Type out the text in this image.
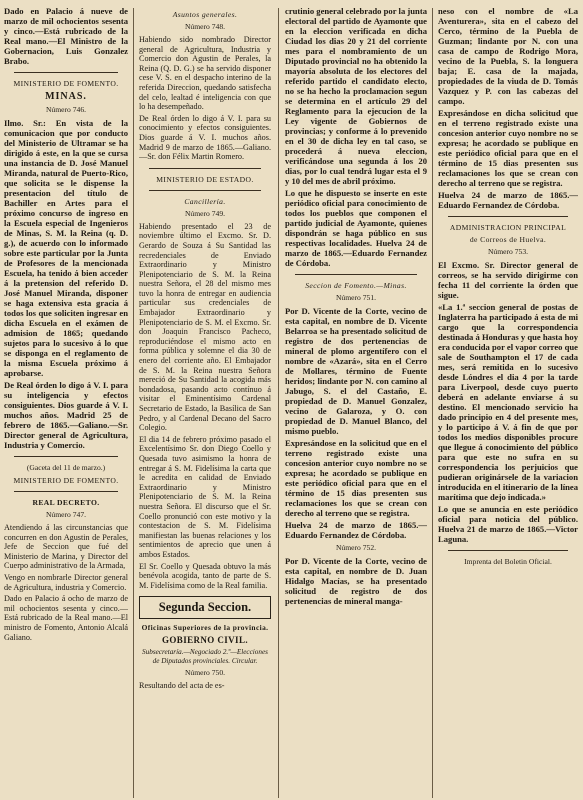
Dado en Palacio á nueve de marzo de mil ochocientos sesenta y cinco.—Está rubricado de la Real mano.—El Ministro de la Gobernacion, Luis Gonzalez Brabo.

MINISTERIO DE FOMENTO.
MINAS.
Número 746.

Ilmo. Sr.: En vista de la comunicacion que por conducto del Ministerio de Ultramar se ha dirigido á este, en la que se cursa una instancia de D. José Manuel Miranda, natural de Puerto-Rico, que solicita se le dispense la presentacion del título de Bachiller en Artes para el próximo concurso de ingreso en la Escuela especial de Ingenieros de Minas, S. M. la Reina (q. D. g.), de acuerdo con lo informado sobre este particular por la Junta de Profesores de la mencionada Escuela, ha tenido á bien acceder á la pretension del referido D. José Manuel Miranda, disponer se haga extensiva esta gracia á todos los que soliciten ingresar en dicha Escuela en el exámen de admision de 1865; quedando sujetos para lo sucesivo á lo que se disponga en el reglamento de la misma Escuela próximo á aprobarse.

De Real órden lo digo á V. I. para su inteligencia y efectos consiguientes. Dios guarde á V. I. muchos años. Madrid 25 de febrero de 1865.—Galiano.—Sr. Director general de Agricultura, Industria y Comercio.

(Gaceta del 11 de marzo.)
MINISTERIO DE FOMENTO.
REAL DECRETO.
Número 747.

Atendiendo á las circunstancias que concurren en don Agustin de Perales, Jefe de Seccion que fué del Ministerio de Marina, y Director del Cuerpo administrativo de la Armada,

Vengo en nombrarle Director general de Agricultura, industria y Comercio.

Dado en Palacio á ocho de marzo de mil ochocientos sesenta y cinco.—Está rubricado de la Real mano.—El ministro de Fomento, Antonio Alcalá Galiano.

Asuntos generales.
Número 748.

Habiendo sido nombrado Director general de Agricultura, Industria y Comercio don Agustin de Perales, la Reina (Q. D. G.) se ha servido disponer cese V. S. en el despacho interino de la referida Direccion, quedando satisfecha del celo, lealtad é inteligencia con que lo ha desempeñado.

De Real órden lo digo á V. I. para su conocimiento y efectos consiguientes. Dios guarde á V. I. muchos años. Madrid 9 de marzo de 1865.—Galiano.—Sr. don Félix Martin Romero.

MINISTERIO DE ESTADO.
Cancillería.
Número 749.

Habiendo presentado el 23 de noviembre último el Excmo. Sr. D. Gerardo de Souza á Su Santidad las recredenciales de Enviado Extraordinario y Ministro Plenipotenciario de S. M. la Reina nuestra Señora, el 28 del mismo mes tuvo la honra de entregar en audiencia particular sus credenciales de Embajador Extraordinario y Plenipotenciario de S. M. el Excmo. Sr. don Joaquin Francisco Pacheco, reproduciéndose el mismo acto en forma pública y solemne el dia 30 de enero del corriente año. El Embajador de S. M. la Reina nuestra Señora mereció de Su Santidad la acogida más bondadosa, pasando acto contínuo á visitar el Eminentísimo Cardenal Secretario de Estado, la Basílica de San Pedro, y al Cardenal Decano del Sacro Colegio.

El dia 14 de febrero próximo pasado el Excelentísimo Sr. don Diego Coello y Quesada tuvo asimismo la honra de entregar á S. M. Fidelísima la carta que le acredita en calidad de Enviado Extraordinario y Ministro Plenipotenciario de S. M. la Reina nuestra Señora. El discurso que el Sr. Coello pronunció con este motivo y la contestacion de S. M. Fidelísima manifiestan las buenas relaciones y los sentimientos de aprecio que unen á ambos Estados.

El Sr. Coello y Quesada obtuvo la más benévola acogida, tanto de parte de S. M. Fidelísima como de la Real familia.

Segunda Seccion.
Oficinas Superiores de la provincia.
GOBIERNO CIVIL.
Subsecretaría.—Negociado 2.º—Elecciones de Diputados provinciales. Circular.
Número 750.

Resultando del acta de es-

crutinio general celebrado por la junta electoral del partido de Ayamonte que en la eleccion verificada en dicha Ciudad los dias 20 y 21 del corriente mes para el nombramiento de un Diputado provincial no ha obtenido la mayoría absoluta de los electores del referido partido el candidato electo, no se ha hecho la proclamacion segun se determina en el artículo 29 del Reglamento para la ejecucion de la Ley vigente de Gobiernos de provincias; y conforme á lo prevenido en el 30 de dicha ley en tal caso, se procederá á nueva eleccion, verificándose una segunda á los 20 dias, por lo cual tendrá lugar esta el 9 y 10 del mes de abril próximo.

Lo que he dispuesto se inserte en este periódico oficial para conocimiento de todos los pueblos que componen el partido judicial de Ayamonte, quienes dispondrán se haga público en sus respectivas localidades. Huelva 24 de marzo de 1865.—Eduardo Fernandez de Córdoba.

Seccion de Fomento.—Minas.
Número 751.

Por D. Vicente de la Corte, vecino de esta capital, en nombre de D. Vicente Belarroa se ha presentado solicitud de registro de dos pertenencias de mineral de plomo argentífero con el nombre de «Azará», sita en el Cerro de Mollares, término de Fuente heridos; lindante por N. con camino al Jabugo, S. el del Castaño, E. propiedad de D. Manuel Gonzalez, vecino de Galaroza, y O. con propiedad de D. Manuel Blanco, del mismo pueblo.

Expresándose en la solicitud que en el terreno registrado existe una concesion anterior cuyo nombre no se expresa; he acordado se publique en este periódico oficial para que en el término de 15 dias presenten sus reclamaciones los que se crean con derecho al terreno que se registra.

Huelva 24 de marzo de 1865.—Eduardo Fernandez de Córdoba.

Número 752.

Por D. Vicente de la Corte, vecino de esta capital, en nombre de D. Juan Hidalgo Macías, se ha presentado solicitud de registro de dos pertenencias de mineral manga-

neso con el nombre de «La Aventurera», sita en el cabezo del Cerco, término de la Puebla de Guzman; lindante por N. con una casa de campo de Rodrigo Mora, vecino de la Puebla, S. la longuera baja; E. casa de la majada, propiedades de la viuda de D. Tomás Vazquez y P. con las cabezas del campo.

Expresándose en dicha solicitud que en el terreno registrado existe una concesion anterior cuyo nombre no se expresa; he acordado se publique en este periódico oficial para que en el término de 15 dias presenten sus reclamaciones los que se crean con derecho al terreno que se registra.

Huelva 24 de marzo de 1865.—Eduardo Fernandez de Córdoba.

ADMINISTRACION PRINCIPAL
de Correos de Huelva.
Número 753.

El Excmo. Sr. Director general de correos, se ha servido dirigirme con fecha 11 del corriente la órden que sigue.

«La 1.ª seccion general de postas de Inglaterra ha participado á esta de mi cargo que la correspondencia destinada á Honduras y que hasta hoy era conducida por el vapor correo que sale de Southampton el 17 de cada mes, será remitida en lo sucesivo desde Lóndres el dia 4 por la tarde para Liverpool, desde cuyo puerto deberá en adelante enviarse á su destino. El mencionado servicio ha dado principio en 4 del presente mes, y lo participo á V. á fin de que por todos los medios disponibles procure que llegue á conocimiento del público para que este no sufra en su correspondencia los perjuicios que pudieran originársele de la variacion introducida en el itinerario de la línea marítima que dejo indicada.»

Lo que se anuncia en este periódico oficial para noticia del público. Huelva 21 de marzo de 1865.—Victor Laguna.

Imprenta del Boletin Oficial.
